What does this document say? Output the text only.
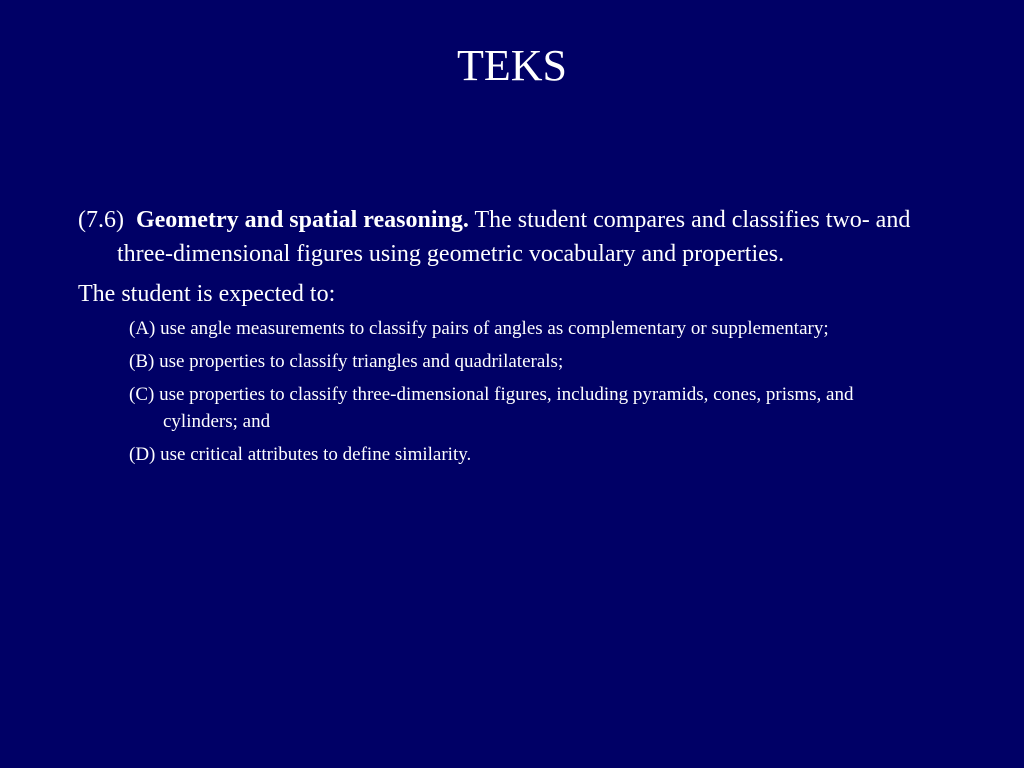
TEKS

(7.6) Geometry and spatial reasoning. The student compares and classifies two- and three-dimensional figures using geometric vocabulary and properties.

The student is expected to:

(A) use angle measurements to classify pairs of angles as complementary or supplementary;
(B) use properties to classify triangles and quadrilaterals;
(C) use properties to classify three-dimensional figures, including pyramids, cones, prisms, and cylinders; and
(D) use critical attributes to define similarity.
